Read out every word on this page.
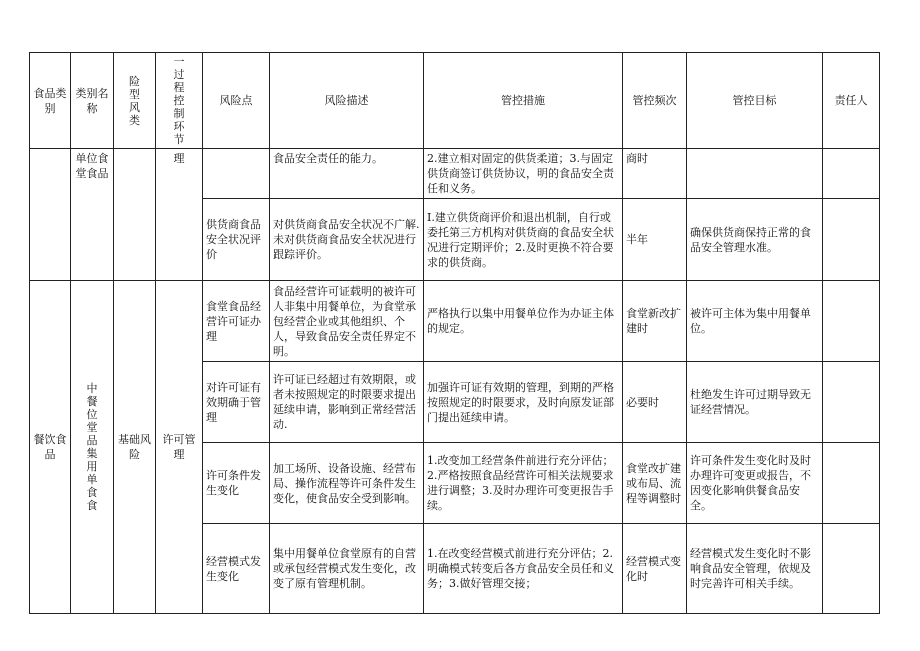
食品类别	类别名称	险型风类	一过程控制环节	风险点	风险描述	管控措施	管控频次	管控目标	责任人
	单位食堂食品		理		食品安全责任的能力。	2.建立相对固定的供货柔道；3.与固定供货商签订供货协议，明的食品安全责任和义务。	商时		
				供货商食品安全状况评价	对供货商食品安全状况不广解.未对供货商食品安全状况进行跟踪评价。	I.建立供货商评价和退出机制，自行或委托第三方机构对供货商的食品安全状况进行定期评价；2.及时更换不符合要求的供货商。	半年	确保供货商保持正常的食品安全管理水准。	
餐饮食品	中餐位堂品集用单食食	基础风险	许可管理	食堂食品经营许可证办理	食品经营许可证载明的被许可人非集中用餐单位，为食堂承包经营企业或其他组织、个人，导致食品安全责任界定不明。	严格执行以集中用餐单位作为办证主体的规定。	食堂新改扩建时	被许可主体为集中用餐单位。	
				对许可证有效期确于管理	许可证已经超过有效期限，或者未按照规定的时限要求提出延续申请，影响到正常经营活动.	加强许可证有效期的管理，到期的严格按照规定的时限要求，及时向原发证部门提出延续申请。	必要时	杜绝发生许可过期导致无证经营情况。	
				许可条件发生变化	加工场所、设备设施、经营布局、操作流程等许可条件发生变化，使食品安全受到影响。	1.改变加工经营条件前进行充分评估；2.严格按照食品经营许可相关法规要求进行调整；3.及时办理许可变更报告手续。	食堂改扩建或布局、流程等调整时	许可条件发生变化时及时办理许可变更或报告，不因变化影响供餐食品安全。	
				经营模式发生变化	集中用餐单位食堂原有的自营或承包经营模式发生变化，改变了原有管理机制。	1.在改变经营模式前进行充分评估；2.明确模式转变后各方食品安全员任和义务；3.做好管理交接；	经营模式变化时	经营模式发生变化时不影响食品安全管理，依规及时完善许可相关手续。	
